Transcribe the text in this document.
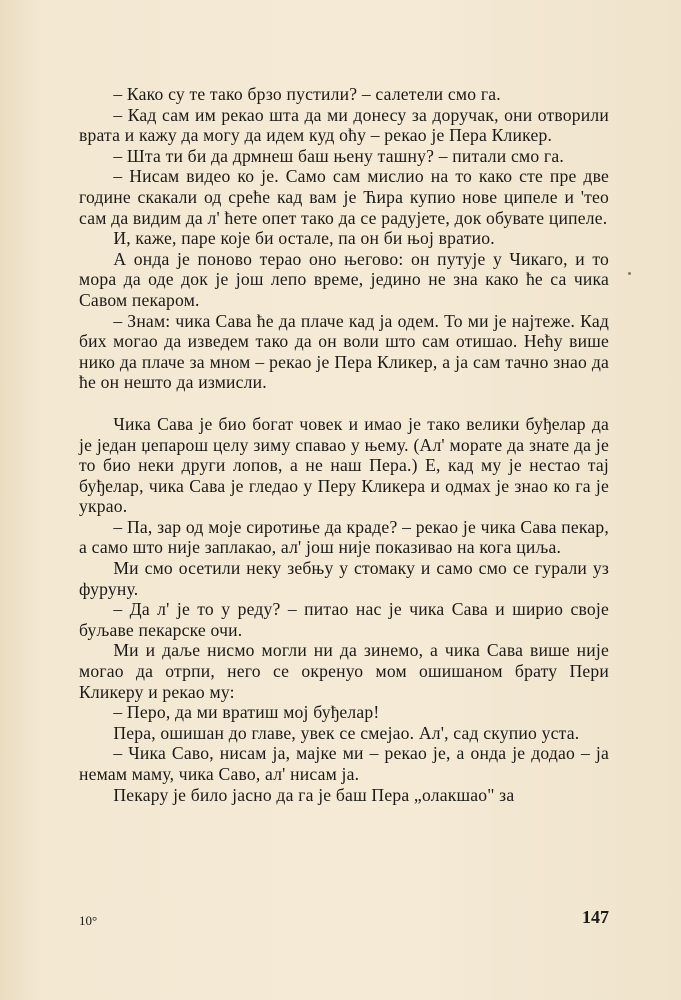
– Како су те тако брзо пустили? – салетели смо га.

– Кад сам им рекао шта да ми донесу за доручак, они отворили врата и кажу да могу да идем куд оћу – рекао је Пера Кликер.

– Шта ти би да дрмнеш баш њену ташну? – питали смо га.

– Нисам видео ко је. Само сам мислио на то како сте пре две године скакали од среће кад вам је Ћира купио нове ципеле и 'тео сам да видим да л' ћете опет тако да се радујете, док обувате ципеле.

И, каже, паре које би остале, па он би њој вратио.

А онда је поново терао оно његово: он путује у Чикаго, и то мора да оде док је још лепо време, једино не зна како ће са чика Савом пекаром.

– Знам: чика Сава ће да плаче кад ја одем. То ми је најтеже. Кад бих могао да изведем тако да он воли што сам отишао. Нећу више нико да плаче за мном – рекао је Пера Кликер, а ја сам тачно знао да ће он нешто да измисли.

Чика Сава је био богат човек и имао је тако велики буђелар да је један џепарош целу зиму спавао у њему. (Ал' морате да знате да је то био неки други лопов, а не наш Пера.) Е, кад му је нестао тај буђелар, чика Сава је гледао у Перу Кликера и одмах је знао ко га је украо.

– Па, зар од моје сиротиње да краде? – рекао је чика Сава пекар, а само што није заплакао, ал' још није показивао на кога циља.

Ми смо осетили неку зебњу у стомаку и само смо се гурали уз фуруну.

– Да л' је то у реду? – питао нас је чика Сава и ширио своје буљаве пекарске очи.

Ми и даље нисмо могли ни да зинемо, а чика Сава више није могао да отрпи, него се окренуо мом ошишаном брату Пери Кликеру и рекао му:

– Перо, да ми вратиш мој буђелар!

Пера, ошишан до главе, увек се смејао. Ал', сад скупио уста.

– Чика Саво, нисам ја, мајке ми – рекао је, а онда је додао – ја немам маму, чика Саво, ал' нисам ја.

Пекару је било јасно да га је баш Пера „олакшао" за

10°	147
